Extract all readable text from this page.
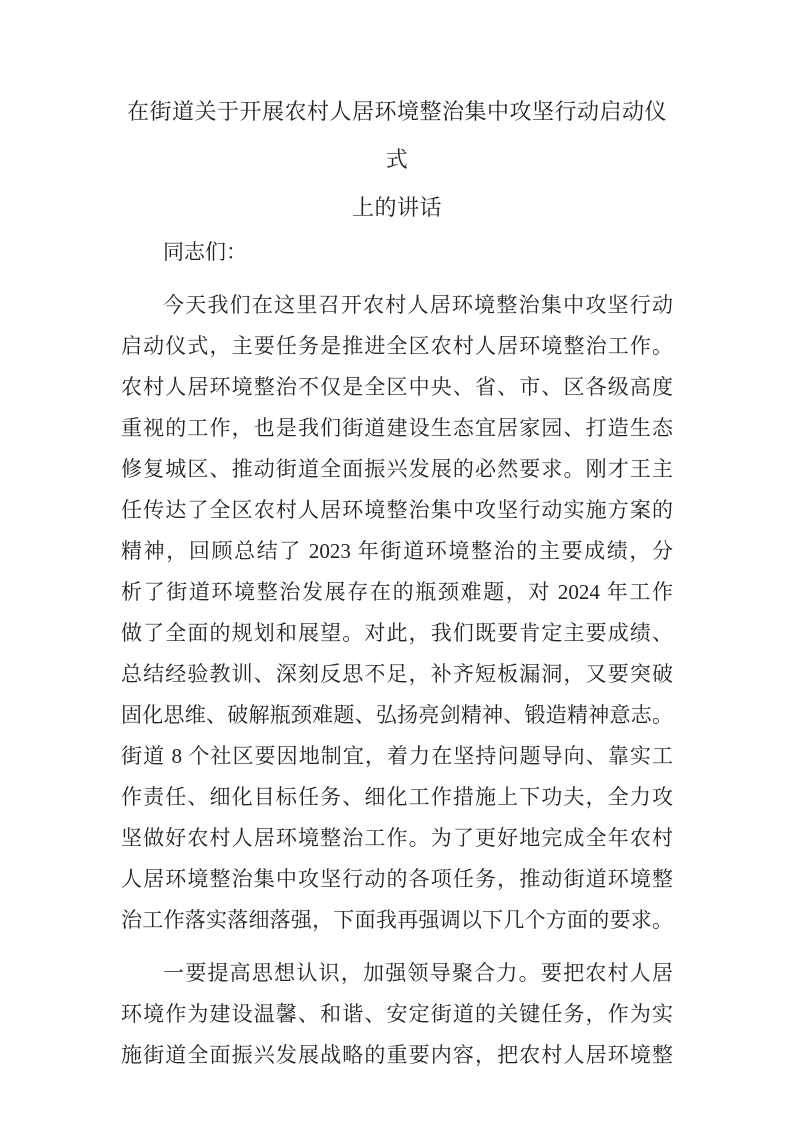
在街道关于开展农村人居环境整治集中攻坚行动启动仪式
上的讲话

同志们：

今天我们在这里召开农村人居环境整治集中攻坚行动
启动仪式，主要任务是推进全区农村人居环境整治工作。
农村人居环境整治不仅是全区中央、省、市、区各级高度
重视的工作，也是我们街道建设生态宜居家园、打造生态
修复城区、推动街道全面振兴发展的必然要求。刚才王主
任传达了全区农村人居环境整治集中攻坚行动实施方案的
精神，回顾总结了 2023 年街道环境整治的主要成绩，分
析了街道环境整治发展存在的瓶颈难题，对 2024 年工作
做了全面的规划和展望。对此，我们既要肯定主要成绩、
总结经验教训、深刻反思不足，补齐短板漏洞，又要突破
固化思维、破解瓶颈难题、弘扬亮剑精神、锻造精神意志。
街道 8 个社区要因地制宜，着力在坚持问题导向、靠实工
作责任、细化目标任务、细化工作措施上下功夫，全力攻
坚做好农村人居环境整治工作。为了更好地完成全年农村
人居环境整治集中攻坚行动的各项任务，推动街道环境整
治工作落实落细落强，下面我再强调以下几个方面的要求。
一要提高思想认识，加强领导聚合力。要把农村人居
环境作为建设温馨、和谐、安定街道的关键任务，作为实
施街道全面振兴发展战略的重要内容，把农村人居环境整
